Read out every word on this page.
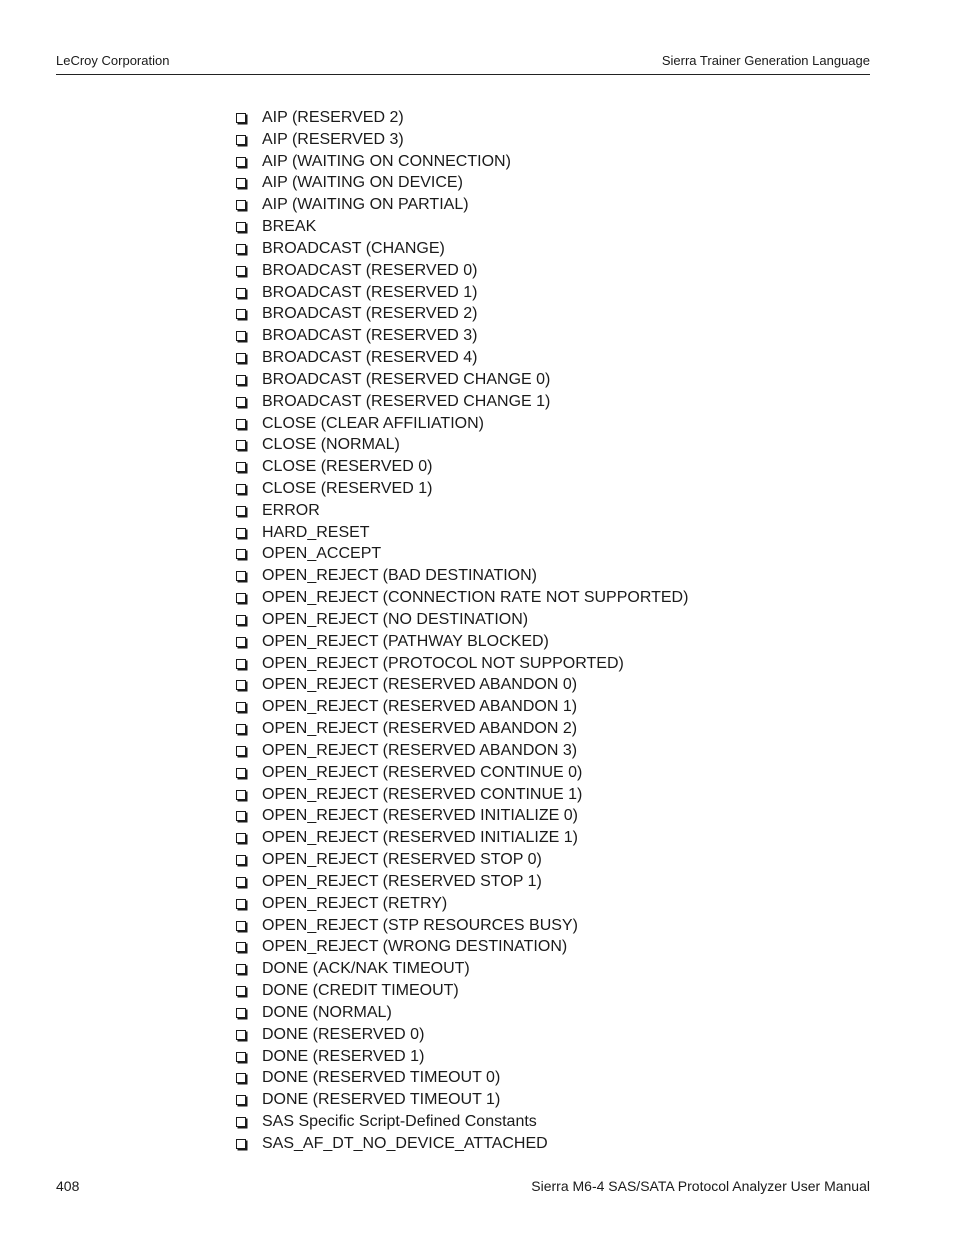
LeCroy Corporation	Sierra Trainer Generation Language
AIP (RESERVED 2)
AIP (RESERVED 3)
AIP (WAITING ON CONNECTION)
AIP (WAITING ON DEVICE)
AIP (WAITING ON PARTIAL)
BREAK
BROADCAST (CHANGE)
BROADCAST (RESERVED 0)
BROADCAST (RESERVED 1)
BROADCAST (RESERVED 2)
BROADCAST (RESERVED 3)
BROADCAST (RESERVED 4)
BROADCAST (RESERVED CHANGE 0)
BROADCAST (RESERVED CHANGE 1)
CLOSE (CLEAR AFFILIATION)
CLOSE (NORMAL)
CLOSE (RESERVED 0)
CLOSE (RESERVED 1)
ERROR
HARD_RESET
OPEN_ACCEPT
OPEN_REJECT (BAD DESTINATION)
OPEN_REJECT (CONNECTION RATE NOT SUPPORTED)
OPEN_REJECT (NO DESTINATION)
OPEN_REJECT (PATHWAY BLOCKED)
OPEN_REJECT (PROTOCOL NOT SUPPORTED)
OPEN_REJECT (RESERVED ABANDON 0)
OPEN_REJECT (RESERVED ABANDON 1)
OPEN_REJECT (RESERVED ABANDON 2)
OPEN_REJECT (RESERVED ABANDON 3)
OPEN_REJECT (RESERVED CONTINUE 0)
OPEN_REJECT (RESERVED CONTINUE 1)
OPEN_REJECT (RESERVED INITIALIZE 0)
OPEN_REJECT (RESERVED INITIALIZE 1)
OPEN_REJECT (RESERVED STOP 0)
OPEN_REJECT (RESERVED STOP 1)
OPEN_REJECT (RETRY)
OPEN_REJECT (STP RESOURCES BUSY)
OPEN_REJECT (WRONG DESTINATION)
DONE (ACK/NAK TIMEOUT)
DONE (CREDIT TIMEOUT)
DONE (NORMAL)
DONE (RESERVED 0)
DONE (RESERVED 1)
DONE (RESERVED TIMEOUT 0)
DONE (RESERVED TIMEOUT 1)
SAS Specific Script-Defined Constants
SAS_AF_DT_NO_DEVICE_ATTACHED
408	Sierra M6-4 SAS/SATA Protocol Analyzer User Manual
